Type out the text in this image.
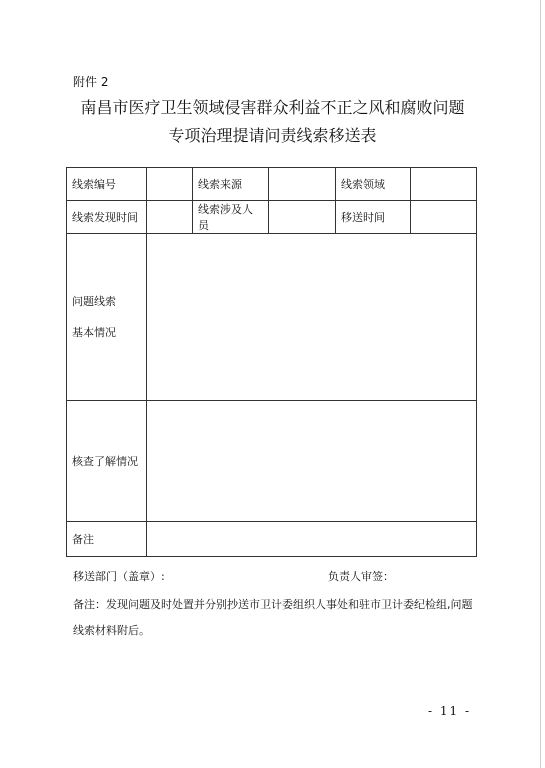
附件 2
南昌市医疗卫生领域侵害群众利益不正之风和腐败问题
专项治理提请问责线索移送表
线索编号		线索来源		线索领域	
线索发现时间		线索涉及人员		移送时间	

问题线索
基本情况					

核查了解情况					
备注					
移送部门（盖章）:	负责人审签：
备注：发现问题及时处置并分别抄送市卫计委组织人事处和驻市卫计委纪检组,问题
线索材料附后。
- 11 -
